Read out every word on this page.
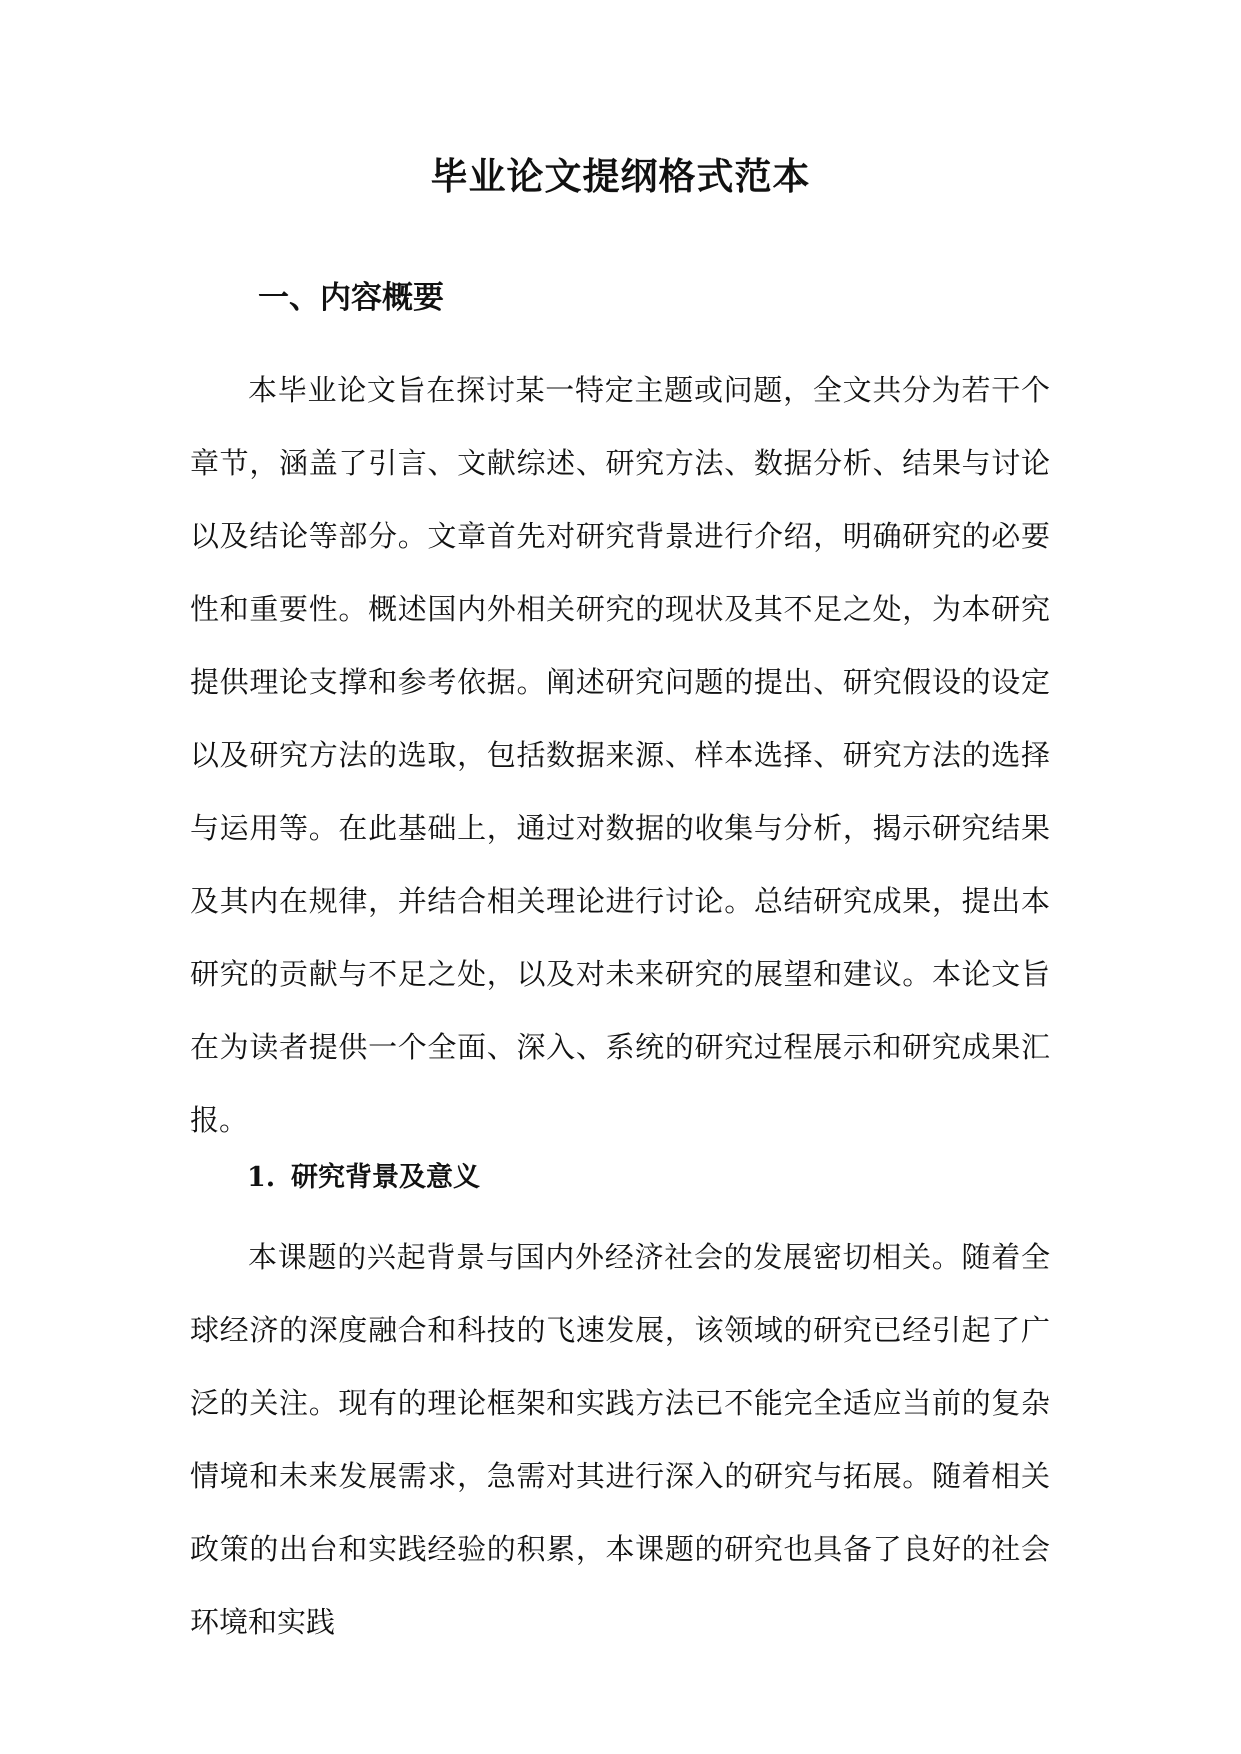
毕业论文提纲格式范本
一、内容概要

本毕业论文旨在探讨某一特定主题或问题，全文共分为若干个章节，涵盖了引言、文献综述、研究方法、数据分析、结果与讨论以及结论等部分。文章首先对研究背景进行介绍，明确研究的必要性和重要性。概述国内外相关研究的现状及其不足之处，为本研究提供理论支撑和参考依据。阐述研究问题的提出、研究假设的设定以及研究方法的选取，包括数据来源、样本选择、研究方法的选择与运用等。在此基础上，通过对数据的收集与分析，揭示研究结果及其内在规律，并结合相关理论进行讨论。总结研究成果，提出本研究的贡献与不足之处，以及对未来研究的展望和建议。本论文旨在为读者提供一个全面、深入、系统的研究过程展示和研究成果汇报。

1. 研究背景及意义

本课题的兴起背景与国内外经济社会的发展密切相关。随着全球经济的深度融合和科技的飞速发展，该领域的研究已经引起了广泛的关注。现有的理论框架和实践方法已不能完全适应当前的复杂情境和未来发展需求，急需对其进行深入的研究与拓展。随着相关政策的出台和实践经验的积累，本课题的研究也具备了良好的社会环境和实践
